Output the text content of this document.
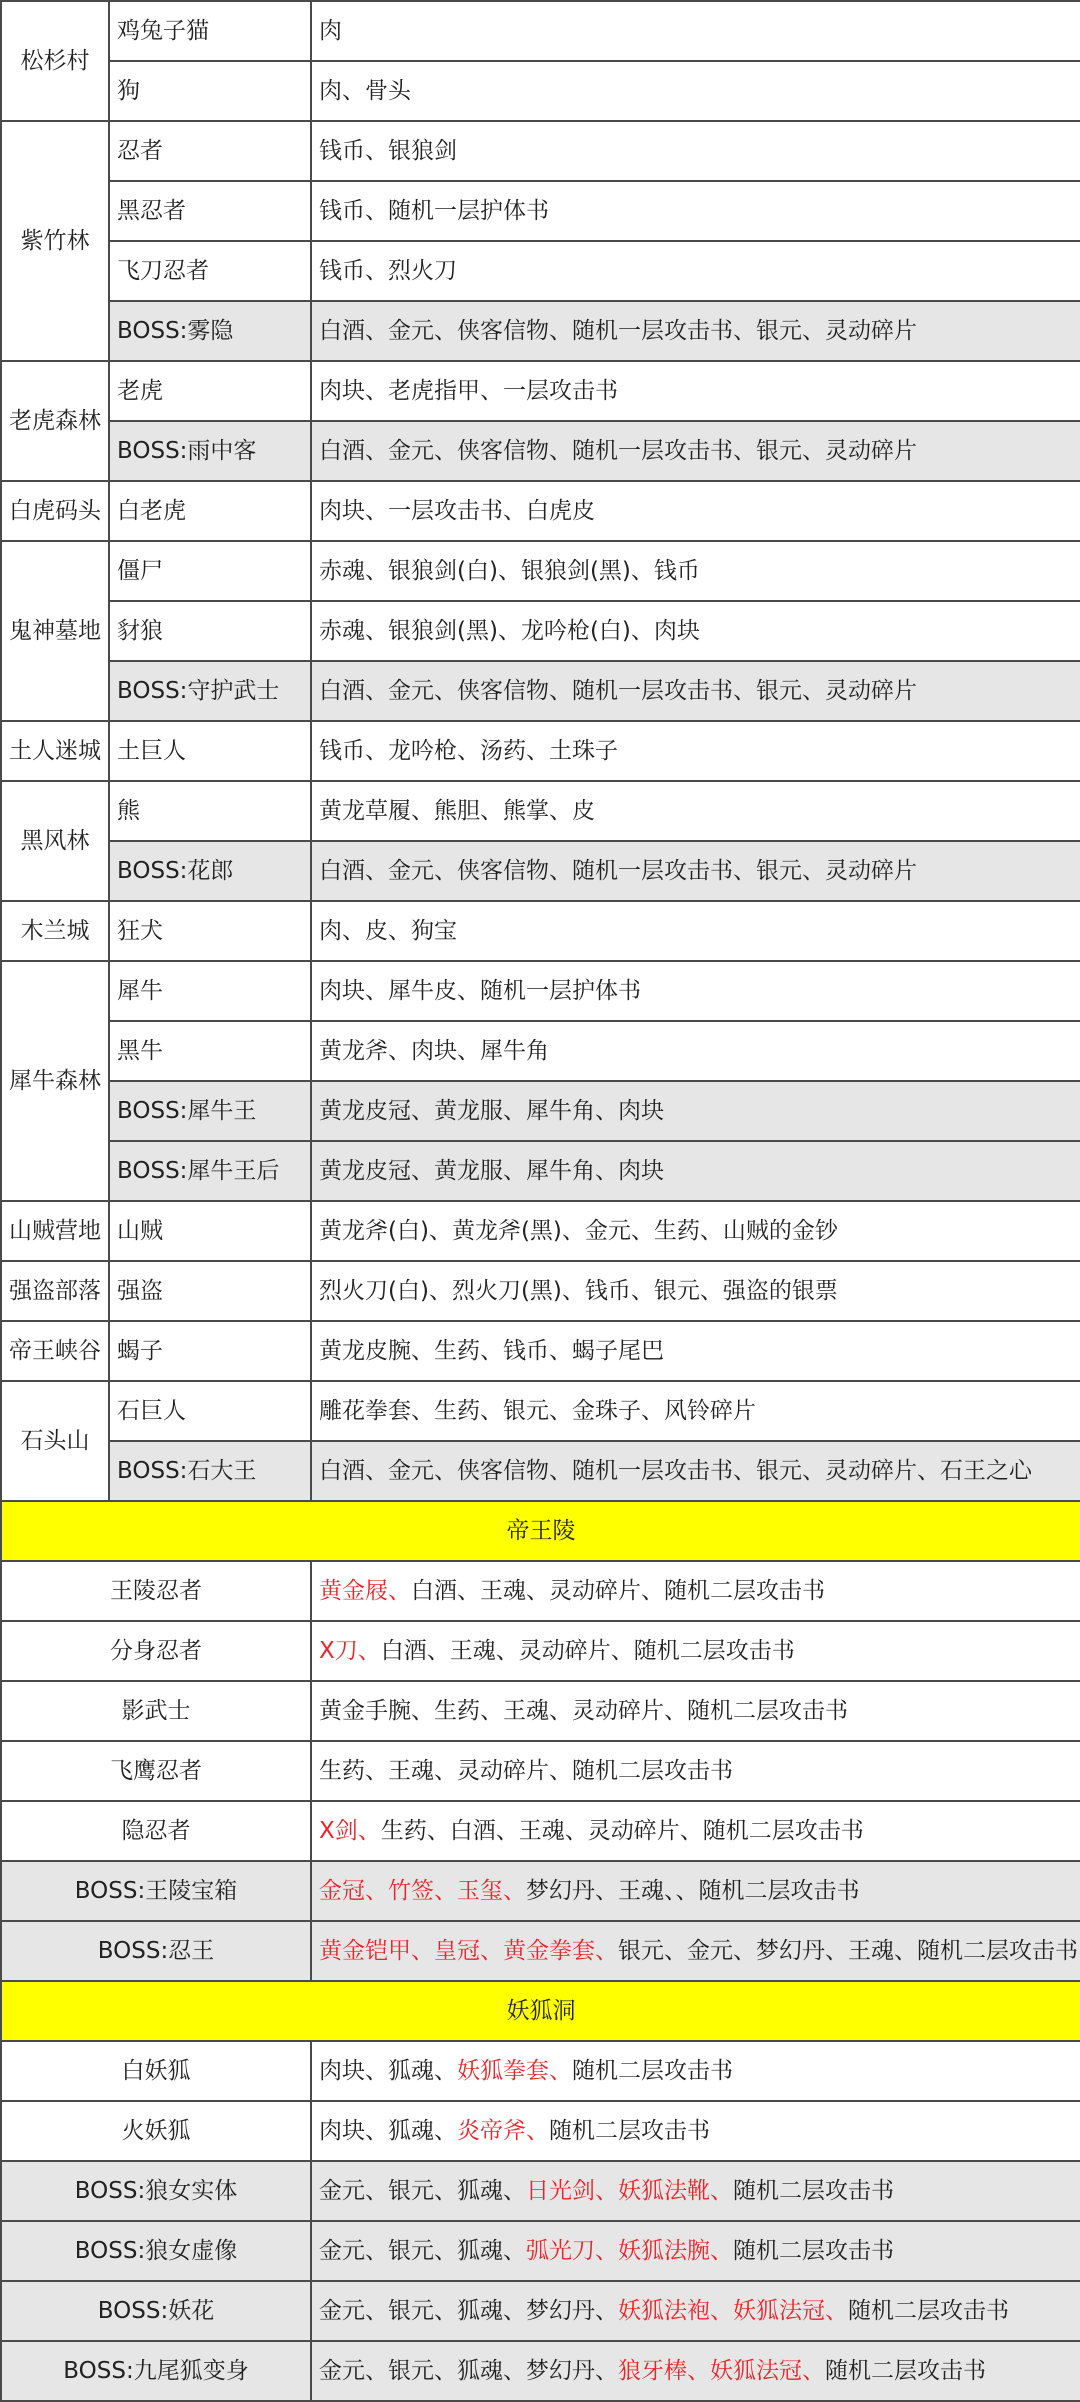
松杉村	鸡兔子猫	肉
	狗	肉、骨头
紫竹林	忍者	钱币、银狼剑
	黑忍者	钱币、随机一层护体书
	飞刀忍者	钱币、烈火刀
	BOSS:雾隐	白酒、金元、侠客信物、随机一层攻击书、银元、灵动碎片
老虎森林	老虎	肉块、老虎指甲、一层攻击书
	BOSS:雨中客	白酒、金元、侠客信物、随机一层攻击书、银元、灵动碎片
白虎码头	白老虎	肉块、一层攻击书、白虎皮
鬼神墓地	僵尸	赤魂、银狼剑(白)、银狼剑(黑)、钱币
	豺狼	赤魂、银狼剑(黑)、龙吟枪(白)、肉块
	BOSS:守护武士	白酒、金元、侠客信物、随机一层攻击书、银元、灵动碎片
土人迷城	土巨人	钱币、龙吟枪、汤药、土珠子
黑风林	熊	黄龙草履、熊胆、熊掌、皮
	BOSS:花郎	白酒、金元、侠客信物、随机一层攻击书、银元、灵动碎片
木兰城	狂犬	肉、皮、狗宝
犀牛森林	犀牛	肉块、犀牛皮、随机一层护体书
	黑牛	黄龙斧、肉块、犀牛角
	BOSS:犀牛王	黄龙皮冠、黄龙服、犀牛角、肉块
	BOSS:犀牛王后	黄龙皮冠、黄龙服、犀牛角、肉块
山贼营地	山贼	黄龙斧(白)、黄龙斧(黑)、金元、生药、山贼的金钞
强盗部落	强盗	烈火刀(白)、烈火刀(黑)、钱币、银元、强盗的银票
帝王峡谷	蝎子	黄龙皮腕、生药、钱币、蝎子尾巴
石头山	石巨人	雕花拳套、生药、银元、金珠子、风铃碎片
	BOSS:石大王	白酒、金元、侠客信物、随机一层攻击书、银元、灵动碎片、石王之心
帝王陵		
王陵忍者		黄金屐、白酒、王魂、灵动碎片、随机二层攻击书
分身忍者		X刀、白酒、王魂、灵动碎片、随机二层攻击书
影武士		黄金手腕、生药、王魂、灵动碎片、随机二层攻击书
飞鹰忍者		生药、王魂、灵动碎片、随机二层攻击书
隐忍者		X剑、生药、白酒、王魂、灵动碎片、随机二层攻击书
BOSS:王陵宝箱		金冠、竹签、玉玺、梦幻丹、王魂、、随机二层攻击书
BOSS:忍王		黄金铠甲、皇冠、黄金拳套、银元、金元、梦幻丹、王魂、随机二层攻击书
妖狐洞		
白妖狐		肉块、狐魂、妖狐拳套、随机二层攻击书
火妖狐		肉块、狐魂、炎帝斧、随机二层攻击书
BOSS:狼女实体		金元、银元、狐魂、日光剑、妖狐法靴、随机二层攻击书
BOSS:狼女虚像		金元、银元、狐魂、弧光刀、妖狐法腕、随机二层攻击书
BOSS:妖花		金元、银元、狐魂、梦幻丹、妖狐法袍、妖狐法冠、随机二层攻击书
BOSS:九尾狐变身		金元、银元、狐魂、梦幻丹、狼牙棒、妖狐法冠、随机二层攻击书
